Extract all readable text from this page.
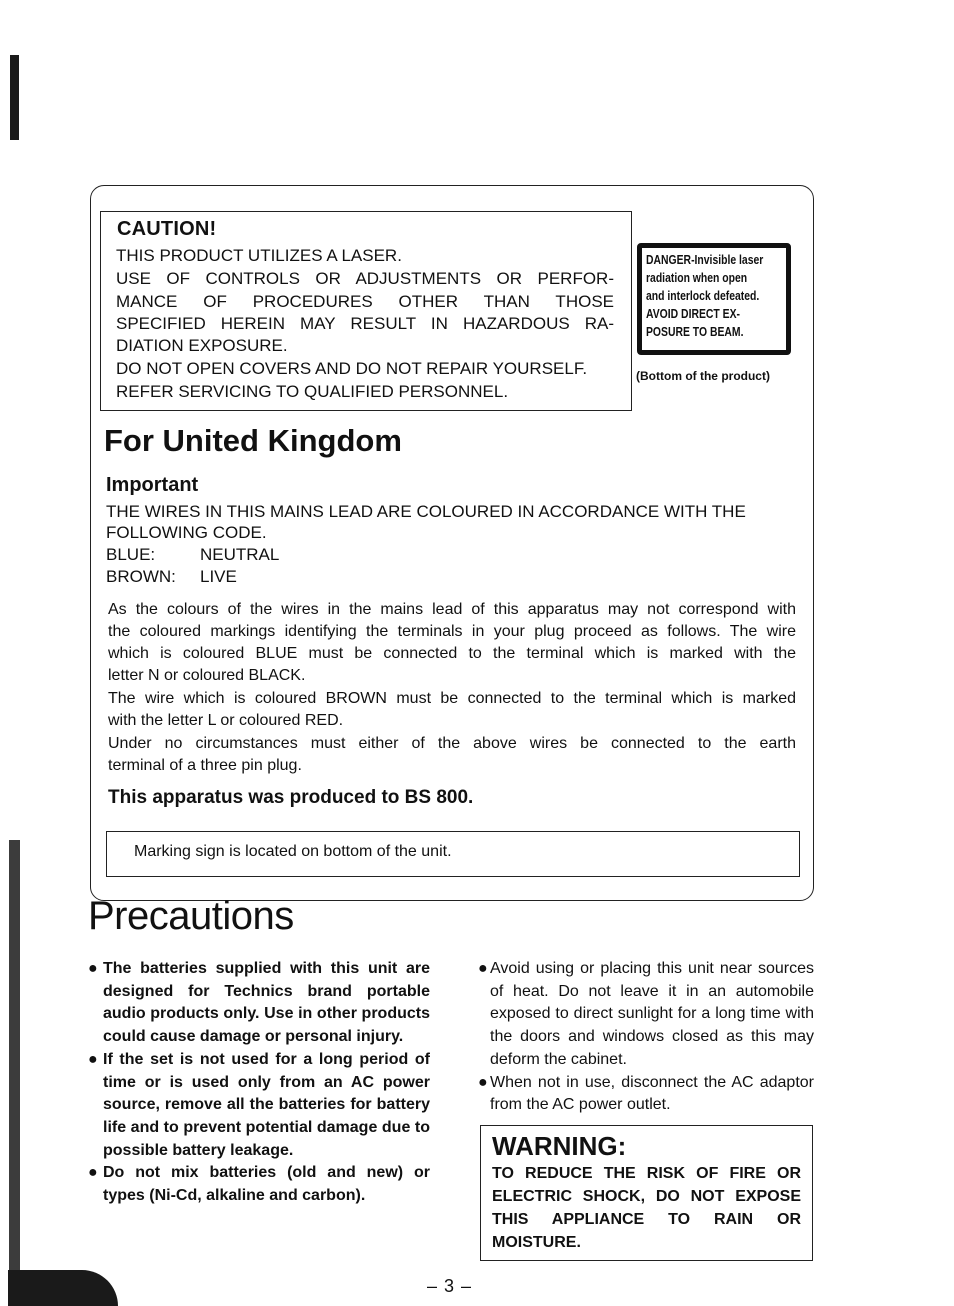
CAUTION!
THIS PRODUCT UTILIZES A LASER.
USE OF CONTROLS OR ADJUSTMENTS OR PERFOR-
MANCE OF PROCEDURES OTHER THAN THOSE
SPECIFIED HEREIN MAY RESULT IN HAZARDOUS RA-
DIATION EXPOSURE.
DO NOT OPEN COVERS AND DO NOT REPAIR YOURSELF.
REFER SERVICING TO QUALIFIED PERSONNEL.
DANGER-Invisible laser
radiation when open
and interlock defeated.
AVOID DIRECT EX-
POSURE TO BEAM.
(Bottom of the product)
For United Kingdom
Important
THE WIRES IN THIS MAINS LEAD ARE COLOURED IN ACCORDANCE WITH THE
FOLLOWING CODE.
BLUE:	NEUTRAL
BROWN: LIVE
As the colours of the wires in the mains lead of this apparatus may not correspond with
the coloured markings identifying the terminals in your plug proceed as follows. The wire
which is coloured BLUE must be connected to the terminal which is marked with the
letter N or coloured BLACK.
The wire which is coloured BROWN must be connected to the terminal which is marked
with the letter L or coloured RED.
Under no circumstances must either of the above wires be connected to the earth
terminal of a three pin plug.
This apparatus was produced to BS 800.
Marking sign is located on bottom of the unit.
Precautions
● The batteries supplied with this unit are designed for Technics brand portable audio products only. Use in other products could cause damage or personal injury.
● If the set is not used for a long period of time or is used only from an AC power source, remove all the batteries for battery life and to prevent potential damage due to possible battery leakage.
● Do not mix batteries (old and new) or types (Ni-Cd, alkaline and carbon).
● Avoid using or placing this unit near sources of heat. Do not leave it in an automobile exposed to direct sunlight for a long time with the doors and windows closed as this may deform the cabinet.
● When not in use, disconnect the AC adaptor from the AC power outlet.
WARNING:
TO REDUCE THE RISK OF FIRE OR ELECTRIC SHOCK, DO NOT EXPOSE THIS APPLIANCE TO RAIN OR MOISTURE.
– 3 –
